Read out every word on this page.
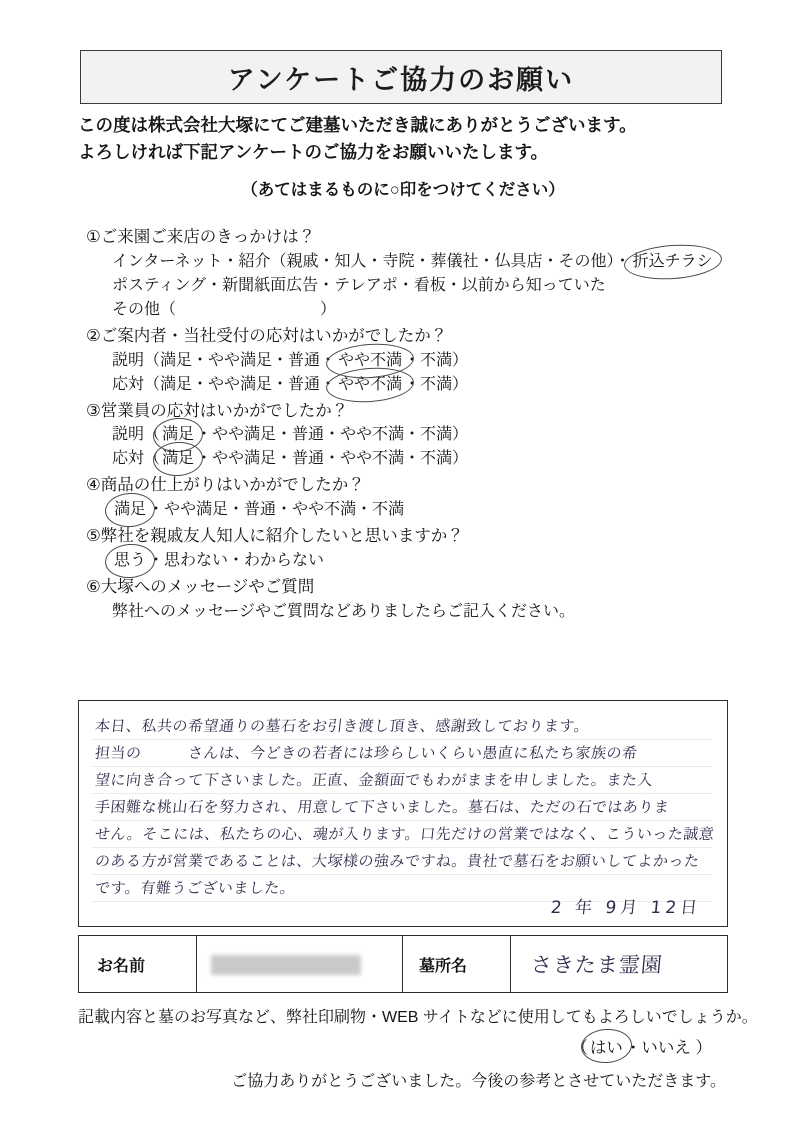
アンケートご協力のお願い
この度は株式会社大塚にてご建墓いただき誠にありがとうございます。
よろしければ下記アンケートのご協力をお願いいたします。
（あてはまるものに○印をつけてください）
①ご来園ご来店のきっかけは？
インターネット・紹介（親戚・知人・寺院・葬儀社・仏具店・その他）・ 折込チラシ
ポスティング・新聞紙面広告・テレアポ・看板・以前から知っていた
その他（　　　　　　　　　）
②ご案内者・当社受付の応対はいかがでしたか？
説明（満足・やや満足・普通・ やや不満 ・不満）
応対（満足・やや満足・普通・ やや不満 ・不満）
③営業員の応対はいかがでしたか？
説明（ 満足 ・やや満足・普通・やや不満・不満）
応対（ 満足 ・やや満足・普通・やや不満・不満）
④商品の仕上がりはいかがでしたか？
満足 ・やや満足・普通・やや不満・不満
⑤弊社を親戚友人知人に紹介したいと思いますか？
思う ・思わない・わからない
⑥大塚へのメッセージやご質問
弊社へのメッセージやご質問などありましたらご記入ください。
本日、私共の希望通りの墓石をお引き渡し頂き、感謝致しております。
担当の　　　さんは、今どきの若者には珍らしいくらい愚直に私たち家族の希
望に向き合って下さいました。正直、金額面でもわがままを申しました。また入
手困難な桃山石を努力され、用意して下さいました。墓石は、ただの石ではありま
せん。そこには、私たちの心、魂が入ります。口先だけの営業ではなく、こういった誠意
のある方が営業であることは、大塚様の強みですね。貴社で墓石をお願いしてよかった
です。有難うございました。
2 年 9月 12日
お名前	墓所名	さきたま霊園
記載内容と墓のお写真など、弊社印刷物・WEB サイトなどに使用してもよろしいでしょうか。
（ はい ・いいえ ）
ご協力ありがとうございました。今後の参考とさせていただきます。
